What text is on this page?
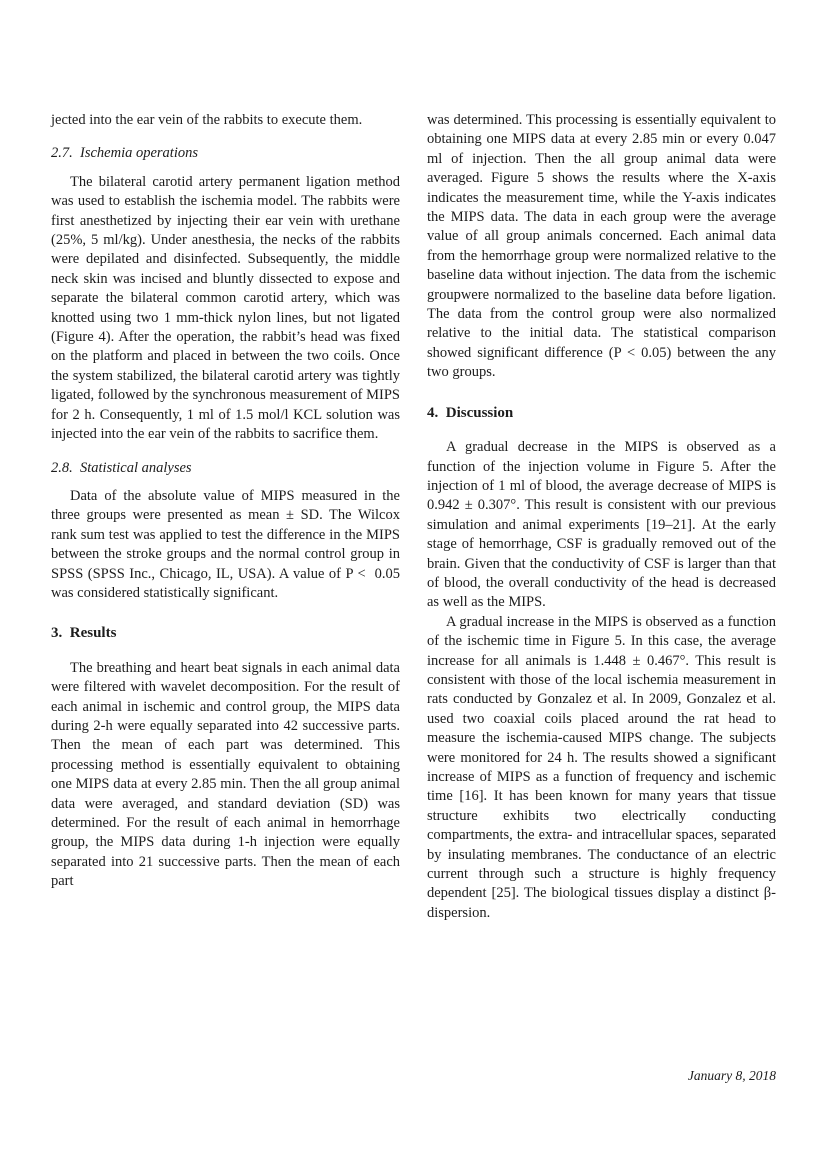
jected into the ear vein of the rabbits to execute them.

2.7.  Ischemia operations

The bilateral carotid artery permanent ligation method was used to establish the ischemia model. The rabbits were first anesthetized by injecting their ear vein with urethane (25%, 5 ml/kg). Under anesthesia, the necks of the rabbits were depilated and disinfected. Subsequently, the middle neck skin was incised and bluntly dissected to expose and separate the bilateral common carotid artery, which was knotted using two 1 mm-thick nylon lines, but not ligated (Figure 4). After the operation, the rabbit’s head was fixed on the platform and placed in between the two coils. Once the system stabilized, the bilateral carotid artery was tightly ligated, followed by the synchronous measurement of MIPS for 2 h. Consequently, 1 ml of 1.5 mol/l KCL solution was injected into the ear vein of the rabbits to sacrifice them.

2.8.  Statistical analyses

Data of the absolute value of MIPS measured in the three groups were presented as mean ± SD. The Wilcox rank sum test was applied to test the difference in the MIPS between the stroke groups and the normal control group in SPSS (SPSS Inc., Chicago, IL, USA). A value of P <  0.05 was considered statistically significant.

3.  Results

The breathing and heart beat signals in each animal data were filtered with wavelet decomposition. For the result of each animal in ischemic and control group, the MIPS data during 2-h were equally separated into 42 successive parts. Then the mean of each part was determined. This processing method is essentially equivalent to obtaining one MIPS data at every 2.85 min. Then the all group animal data were averaged, and standard deviation (SD) was determined. For the result of each animal in hemorrhage group, the MIPS data during 1-h injection were equally separated into 21 successive parts. Then the mean of each part

was determined. This processing is essentially equivalent to obtaining one MIPS data at every 2.85 min or every 0.047 ml of injection. Then the all group animal data were averaged. Figure 5 shows the results where the X-axis indicates the measurement time, while the Y-axis indicates the MIPS data. The data in each group were the average value of all group animals concerned. Each animal data from the hemorrhage group were normalized relative to the baseline data without injection. The data from the ischemic groupwere normalized to the baseline data before ligation. The data from the control group were also normalized relative to the initial data. The statistical comparison showed significant difference (P < 0.05) between the any two groups.

4.  Discussion

A gradual decrease in the MIPS is observed as a function of the injection volume in Figure 5. After the injection of 1 ml of blood, the average decrease of MIPS is 0.942 ± 0.307°. This result is consistent with our previous simulation and animal experiments [19–21]. At the early stage of hemorrhage, CSF is gradually removed out of the brain. Given that the conductivity of CSF is larger than that of blood, the overall conductivity of the head is decreased as well as the MIPS.

A gradual increase in the MIPS is observed as a function of the ischemic time in Figure 5. In this case, the average increase for all animals is 1.448 ± 0.467°. This result is consistent with those of the local ischemia measurement in rats conducted by Gonzalez et al. In 2009, Gonzalez et al. used two coaxial coils placed around the rat head to measure the ischemia-caused MIPS change. The subjects were monitored for 24 h. The results showed a significant increase of MIPS as a function of frequency and ischemic time [16]. It has been known for many years that tissue structure exhibits two electrically conducting compartments, the extra- and intracellular spaces, separated by insulating membranes. The conductance of an electric current through such a structure is highly frequency dependent [25]. The biological tissues display a distinct β-dispersion.

January 8, 2018
